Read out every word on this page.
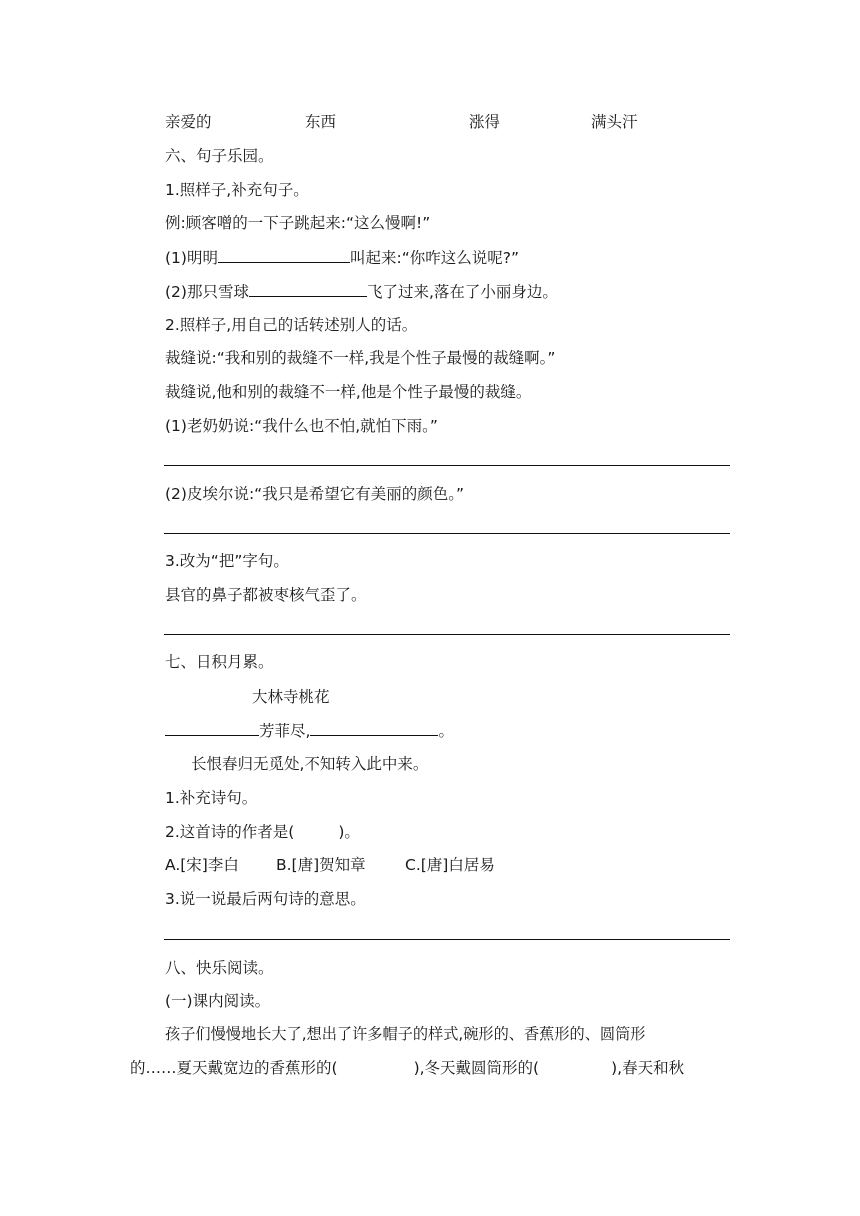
亲爱的	东西	涨得	满头汗
六、句子乐园。
1.照样子,补充句子。
例:顾客噌的一下子跳起来:“这么慢啊!”
(1)明明	叫起来:“你咋这么说呢?”
(2)那只雪球	飞了过来,落在了小丽身边。
2.照样子,用自己的话转述别人的话。
裁缝说:“我和别的裁缝不一样,我是个性子最慢的裁缝啊。”
裁缝说,他和别的裁缝不一样,他是个性子最慢的裁缝。
(1)老奶奶说:“我什么也不怕,就怕下雨。”
(2)皮埃尔说:“我只是希望它有美丽的颜色。”
3.改为“把”字句。
县官的鼻子都被枣核气歪了。
七、日积月累。
大林寺桃花
芳菲尽,	。
长恨春归无觅处,不知转入此中来。
1.补充诗句。
2.这首诗的作者是(	)。
A.[宋]李白 B.[唐]贺知章	C.[唐]白居易
3.说一说最后两句诗的意思。
八、快乐阅读。
(一)课内阅读。
孩子们慢慢地长大了,想出了许多帽子的样式,碗形的、香蕉形的、圆筒形
的……夏天戴宽边的香蕉形的(	),冬天戴圆筒形的(	),春天和秋
